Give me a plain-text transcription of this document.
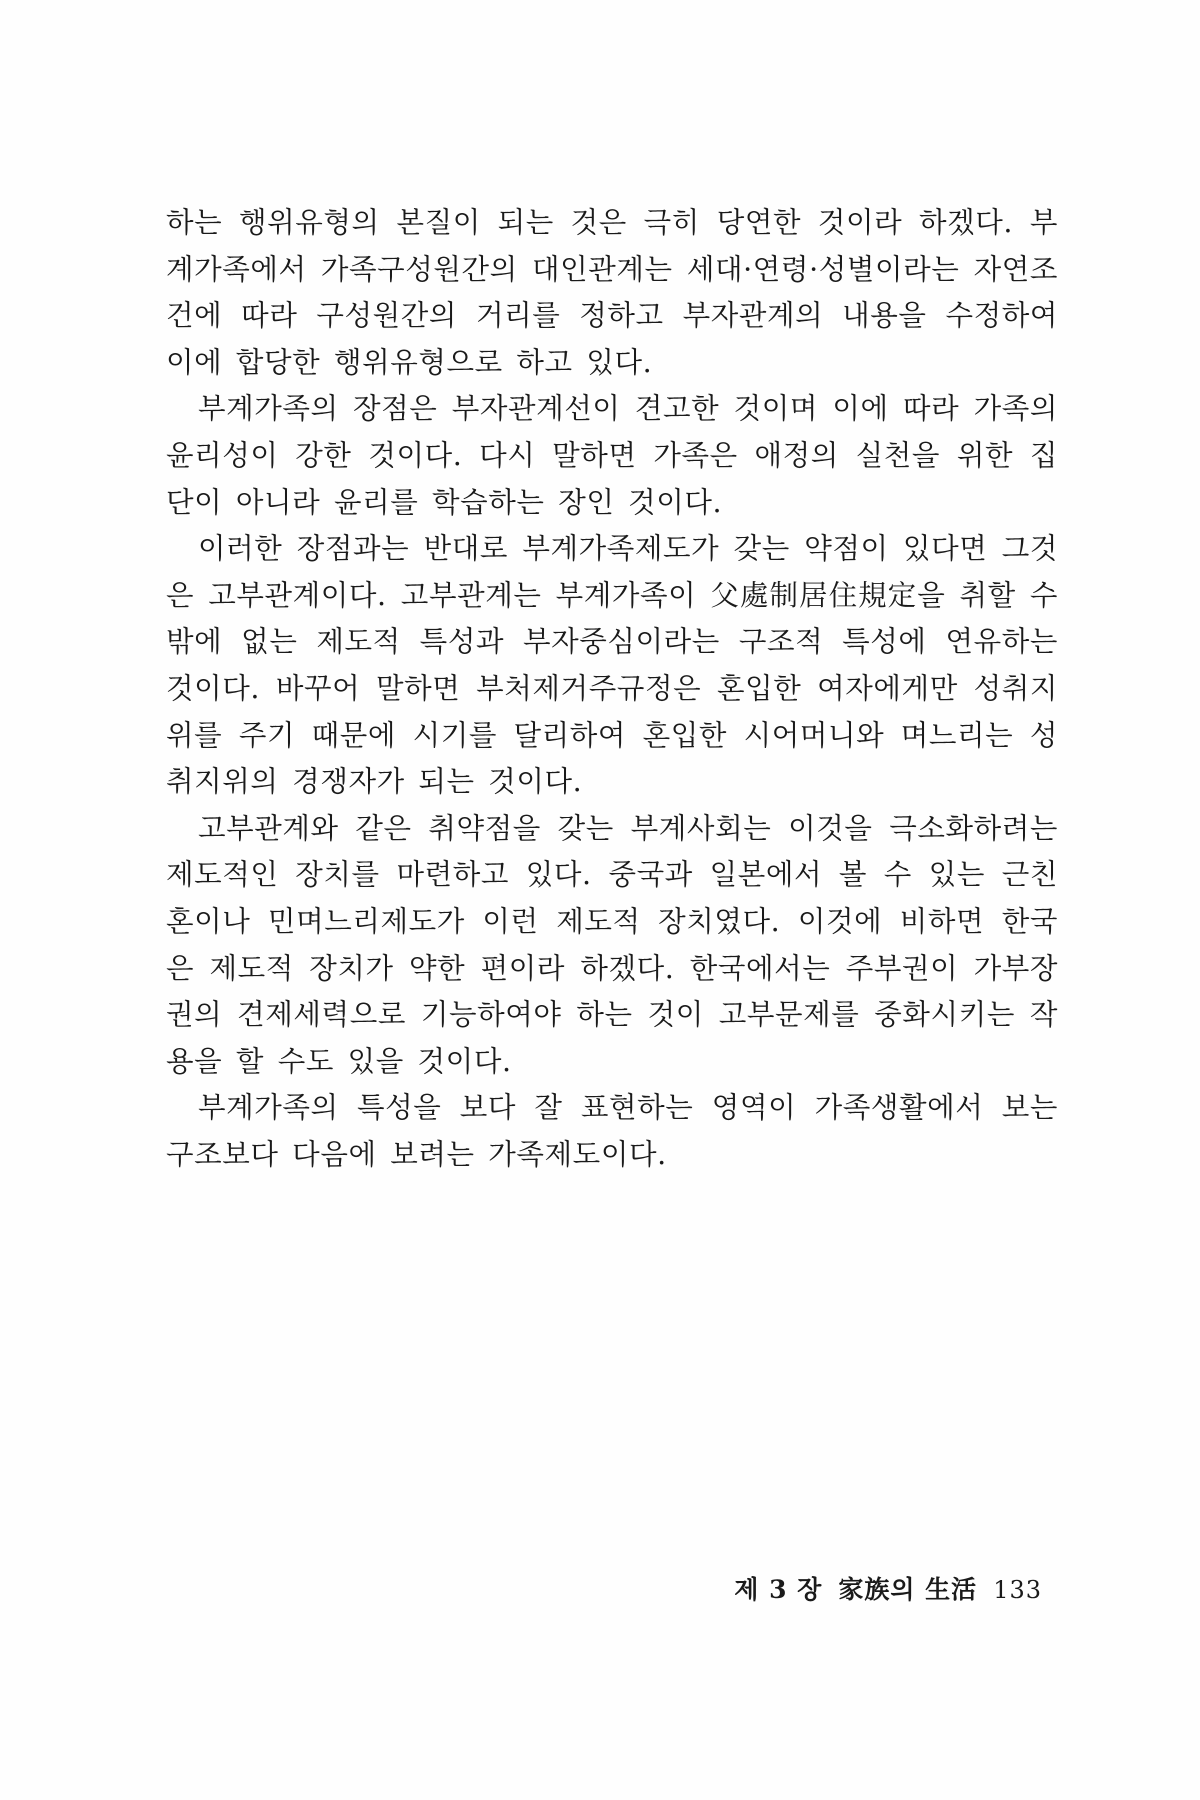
하는 행위유형의 본질이 되는 것은 극히 당연한 것이라 하겠다. 부계가족에서 가족구성원간의 대인관계는 세대·연령·성별이라는 자연조건에 따라 구성원간의 거리를 정하고 부자관계의 내용을 수정하여 이에 합당한 행위유형으로 하고 있다.

부계가족의 장점은 부자관계선이 견고한 것이며 이에 따라 가족의 윤리성이 강한 것이다. 다시 말하면 가족은 애정의 실천을 위한 집단이 아니라 윤리를 학습하는 장인 것이다.

이러한 장점과는 반대로 부계가족제도가 갖는 약점이 있다면 그것은 고부관계이다. 고부관계는 부계가족이 父處制居住規定을 취할 수밖에 없는 제도적 특성과 부자중심이라는 구조적 특성에 연유하는 것이다. 바꾸어 말하면 부처제거주규정은 혼입한 여자에게만 성취지위를 주기 때문에 시기를 달리하여 혼입한 시어머니와 며느리는 성취지위의 경쟁자가 되는 것이다.

고부관계와 같은 취약점을 갖는 부계사회는 이것을 극소화하려는 제도적인 장치를 마련하고 있다. 중국과 일본에서 볼 수 있는 근친혼이나 민며느리제도가 이런 제도적 장치였다. 이것에 비하면 한국은 제도적 장치가 약한 편이라 하겠다. 한국에서는 주부권이 가부장권의 견제세력으로 기능하여야 하는 것이 고부문제를 중화시키는 작용을 할 수도 있을 것이다.

부계가족의 특성을 보다 잘 표현하는 영역이 가족생활에서 보는 구조보다 다음에 보려는 가족제도이다.

제 3 장 家族의 生活 133
